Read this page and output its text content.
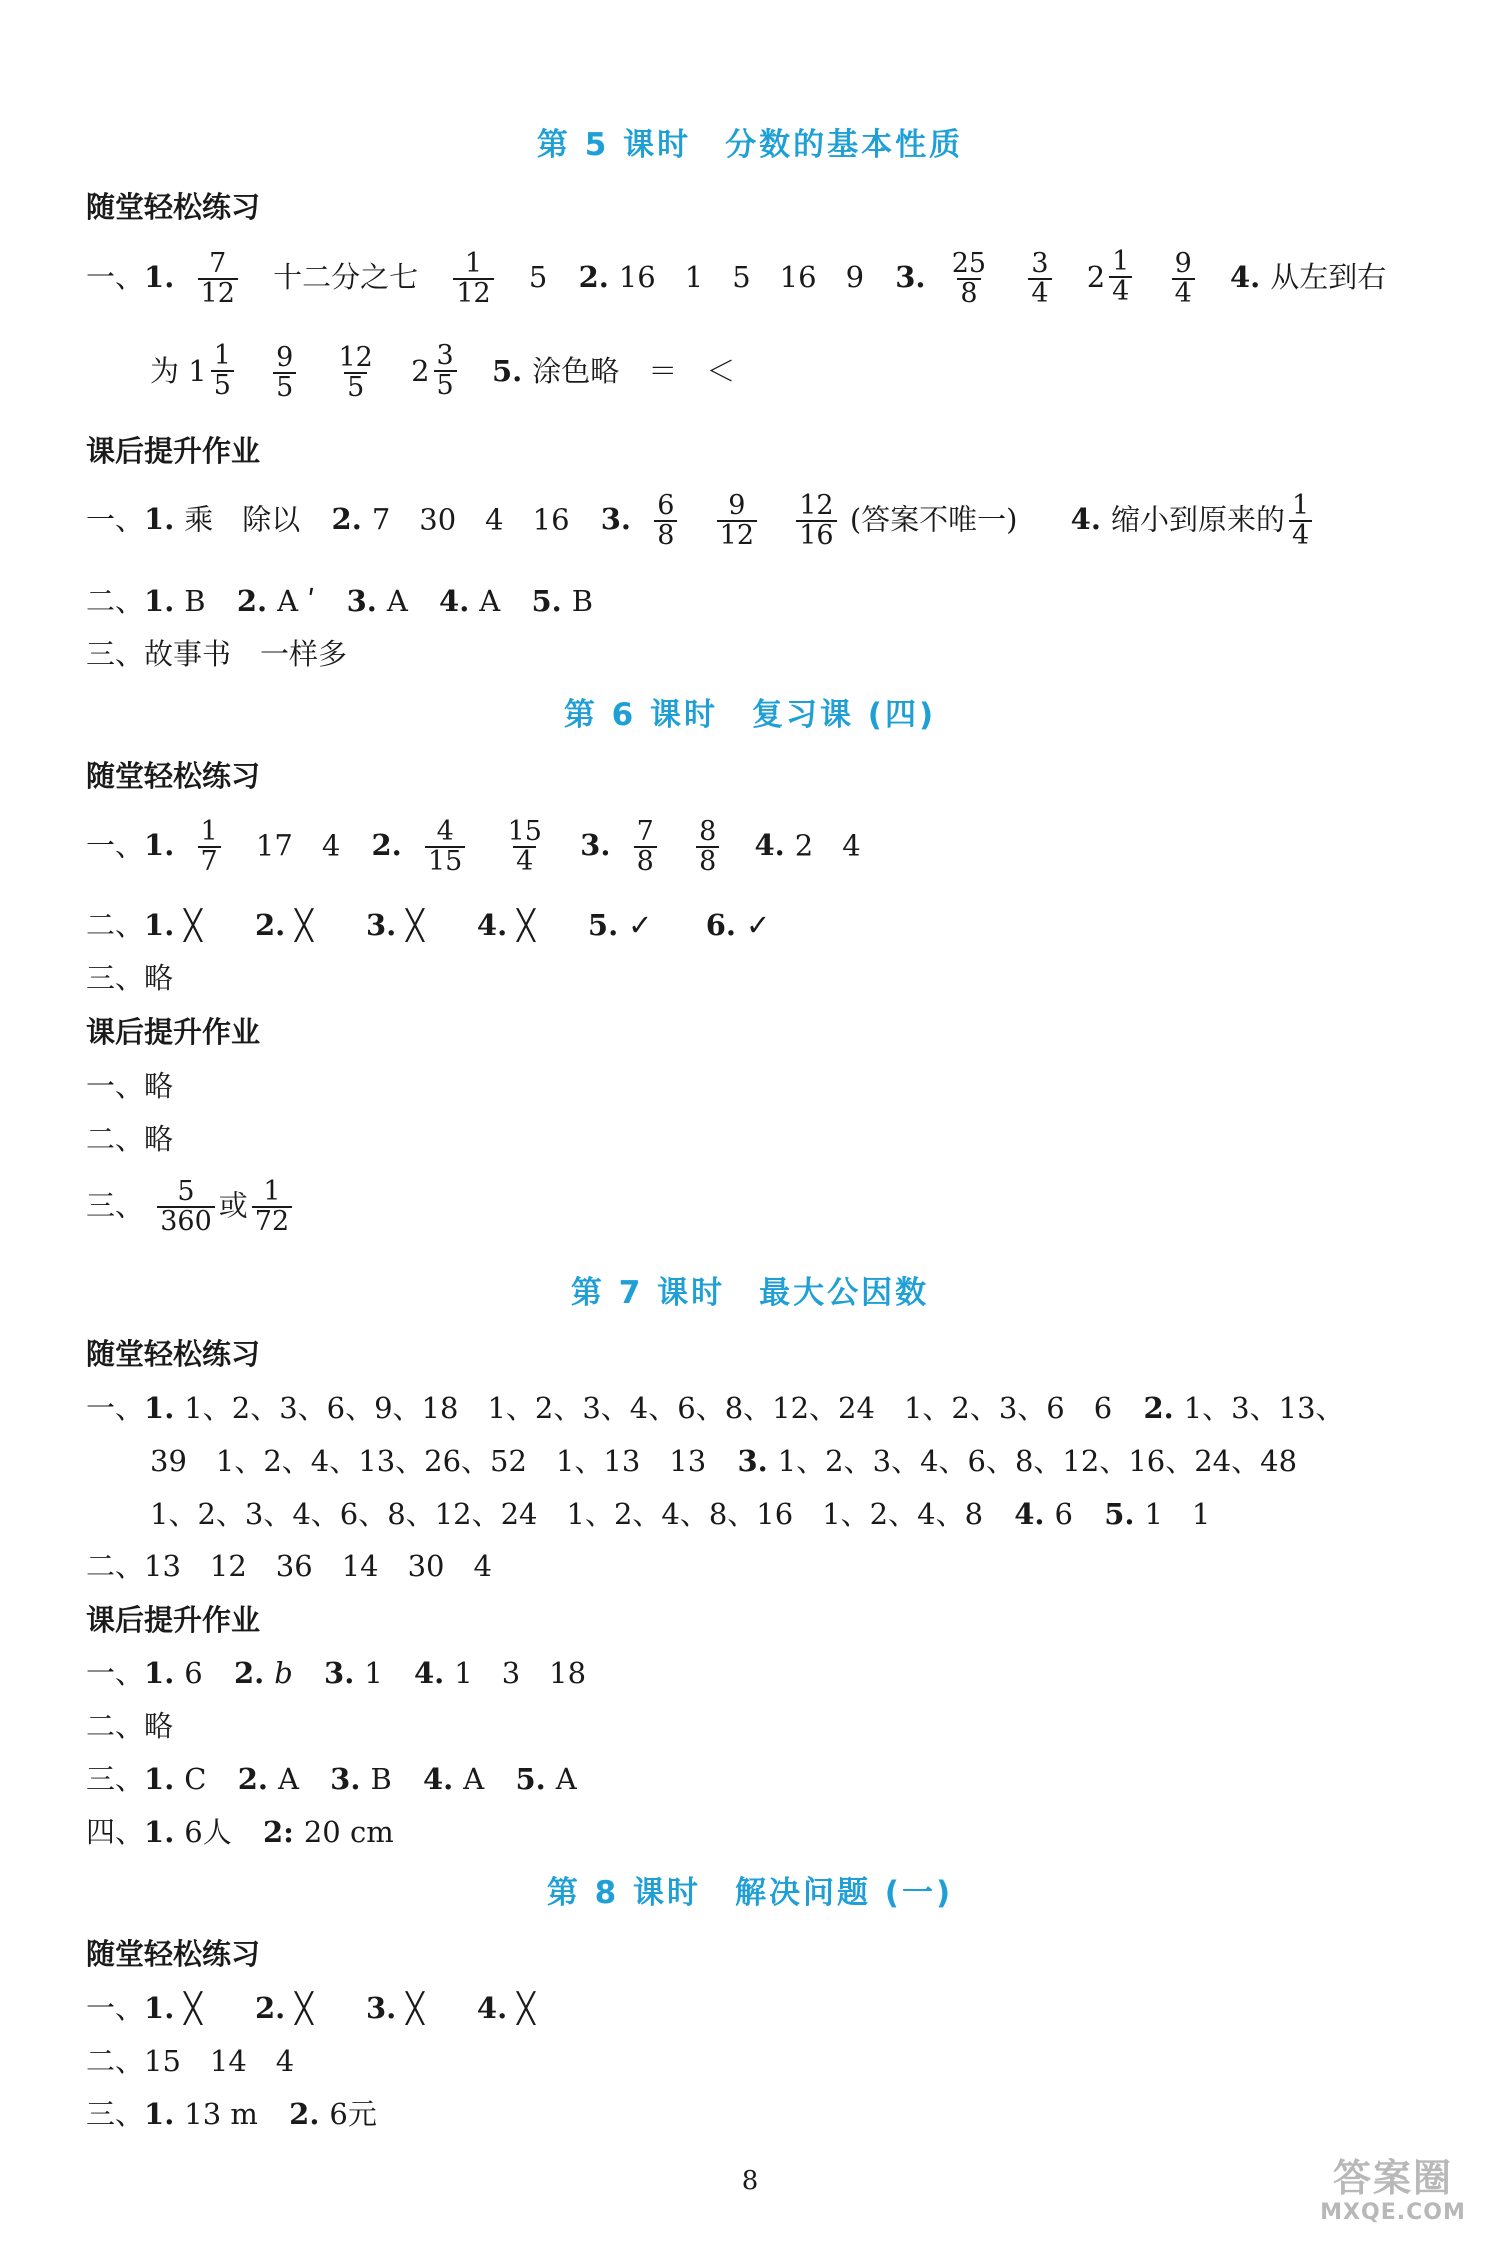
第 5 课时　分数的基本性质
随堂轻松练习
一、1. $\frac{7}{12}$ 十二分之七 $\frac{1}{12} 5$ 2. 16　1　5　16　9 3. $\frac{25}{8}$
$\frac{3}{4}$
$2 \frac{1}{4}$
$\frac{9}{4} 4$. 从左到右
为 $1 \frac{1}{5}$
$\frac{9}{5}$
$\frac{12}{5}$
$2 \frac{3}{5} 5$. 涂色略　＝　＜
课后提升作业
一、1. 乘　除以 2. 7　30　4　16 3. $\frac{6}{8}$
$\frac{9}{12}$
$\frac{12}{16}$ (答案不唯一) 4. 缩小到原来的 $\frac{1}{4}$
二、1. B 2. A ʹ 3. A 4. A 5. B
三、故事书　一样多
第 6 课时　复习课 (四)
随堂轻松练习
一、1. $\frac{1}{7} 17$　4 2. $\frac{4}{15}$
$\frac{15}{4} 3$. $\frac{7}{8}$
$\frac{8}{8} 4$. 2　4
二、1. ╳ 2. ╳ 3. ╳ 4. ╳ 5. ✓ 6. ✓
三、略
课后提升作业
一、略
二、略
三、 $\frac{5}{360}$ 或 $\frac{1}{72}$
第 7 课时　最大公因数
随堂轻松练习
一、1. 1、2、3、6、9、18　1、2、3、4、6、8、12、24　1、2、3、6　6 2. 1、3、13、
39　1、2、4、13、26、52　1、13　13 3. 1、2、3、4、6、8、12、16、24、48
1、2、3、4、6、8、12、24　1、2、4、8、16　1、2、4、8 4. 6 5. 1　1
二、13　12　36　14　30　4
课后提升作业
一、1. 6 2. b 3. 1 4. 1　3　18
二、略
三、1. C 2. A 3. B 4. A 5. A
四、1. 6人 2: 20 cm
第 8 课时　解决问题 (一)
随堂轻松练习
一、1. ╳ 2. ╳ 3. ╳ 4. ╳
二、15　14　4
三、1. 13 m 2. 6元
8	答案圈
MXQE.COM
